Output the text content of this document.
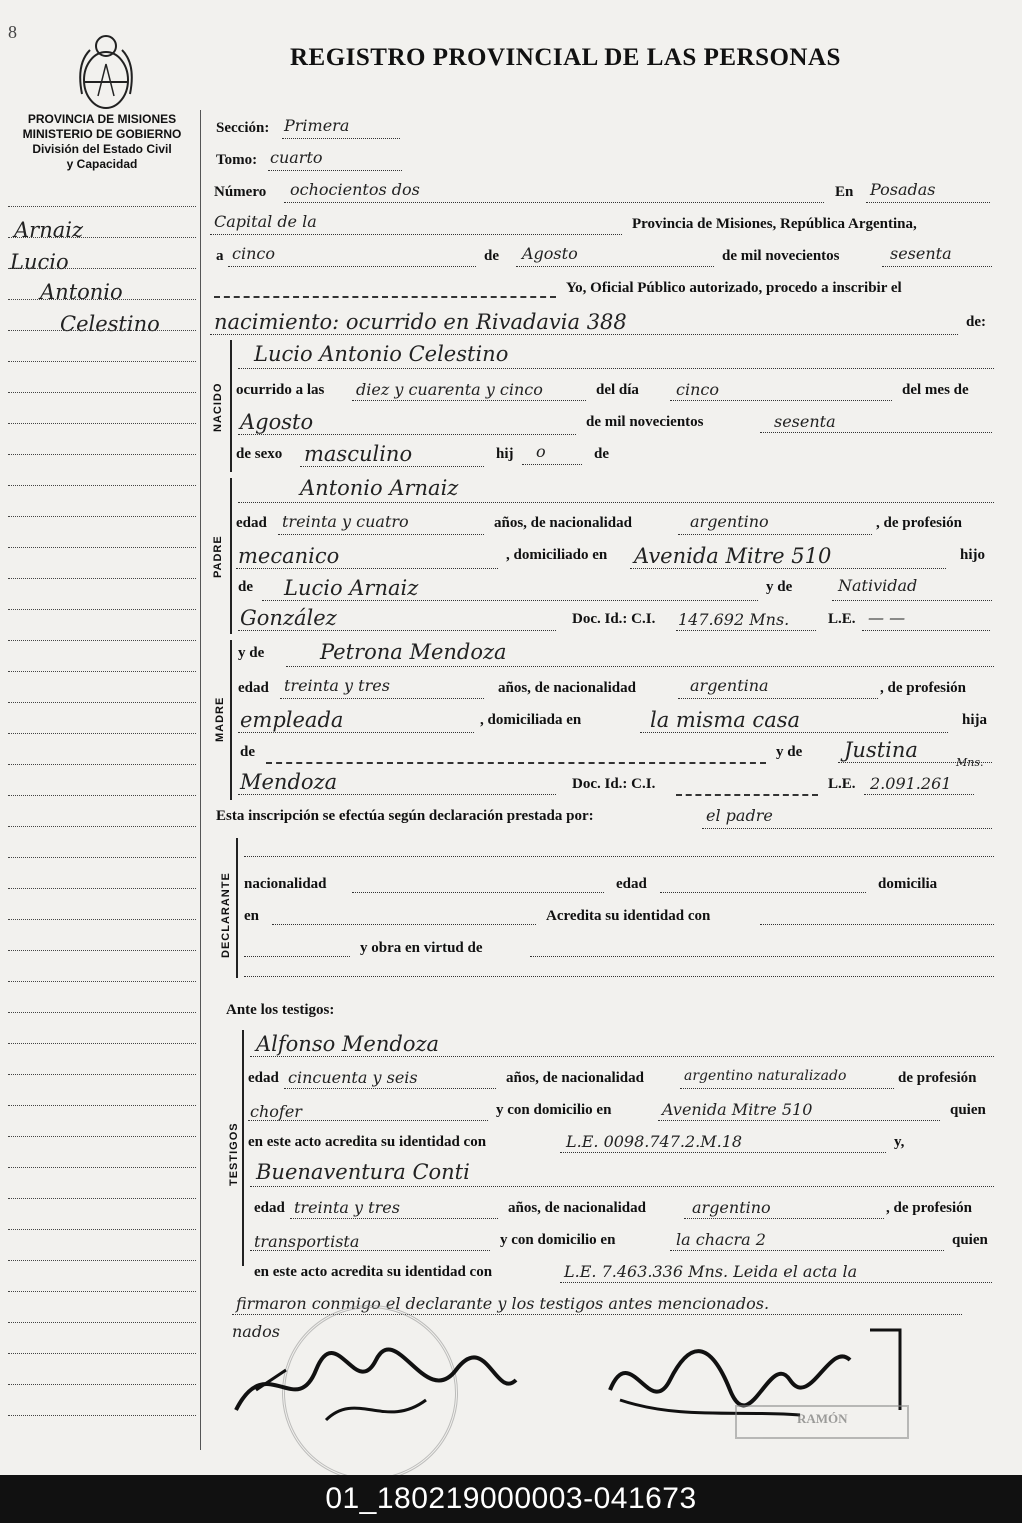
8
REGISTRO PROVINCIAL DE LAS PERSONAS
PROVINCIA DE MISIONES
MINISTERIO DE GOBIERNO
División del Estado Civil
y Capacidad
Arnaiz
Lucio
Antonio
Celestino
Sección: Primera
Tomo: cuarto
Número ochocientos dos	En Posadas
Capital de la	Provincia de Misiones, República Argentina,
a cinco	de Agosto	de mil novecientos	sesenta
Yo, Oficial Público autorizado, procedo a inscribir el
nacimiento: ocurrido en Rivadavia 388	de:
NACIDO
Lucio Antonio Celestino
ocurrido a las diez y cuarenta y cinco	del día cinco	del mes de
Agosto	de mil novecientos	sesenta
de sexo masculino	hij o	de
PADRE
Antonio Arnaiz
edad treinta y cuatro	años, de nacionalidad	argentino	, de profesión
mecanico	, domiciliado en Avenida Mitre 510	hijo
de Lucio Arnaiz	y de	Natividad
González	Doc. Id.: C.I. 147.692 Mns.	L.E. — —
MADRE
y de	Petrona Mendoza
edad treinta y tres	años, de nacionalidad	argentina	, de profesión
empleada	, domiciliada en	la misma casa	hija
de	y de Justina
Mendoza	Doc. Id.: C.I.	L.E. 2.091.261
Mns.
Esta inscripción se efectúa según declaración prestada por:	el padre
DECLARANTE nacionalidad	edad	domicilia
en	Acredita su identidad con
y obra en virtud de
Ante los testigos:
TESTIGOS
Alfonso Mendoza
edad cincuenta y seis	años, de nacionalidad	argentino naturalizado	de profesión
chofer	y con domicilio en	Avenida Mitre 510	quien
en este acto acredita su identidad con	L.E. 0098.747.2.M.18	y,
Buenaventura Conti
edad treinta y tres	años, de nacionalidad	argentino	, de profesión
transportista	y con domicilio en	la chacra 2	quien
en este acto acredita su identidad con	L.E. 7.463.336 Mns. Leida el acta la
firmaron conmigo el declarante y los testigos antes mencionados.
nados
RAMÓN
01_180219000003-041673
